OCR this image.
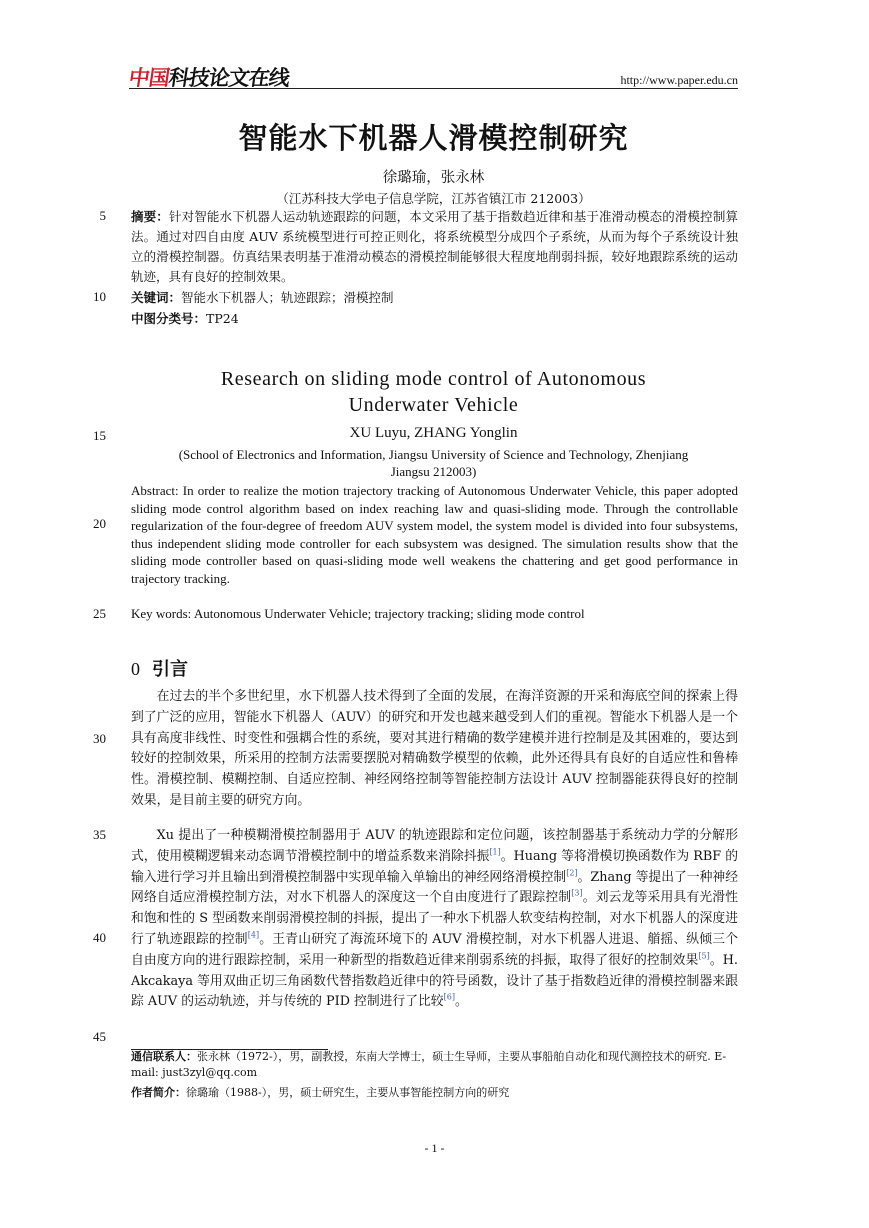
中国科技论文在线	http://www.paper.edu.cn
智能水下机器人滑模控制研究
徐璐瑜，张永林
（江苏科技大学电子信息学院，江苏省镇江市 212003）
5
10
15
20
25
30
35
40
45
摘要：针对智能水下机器人运动轨迹跟踪的问题，本文采用了基于指数趋近律和基于准滑动模态的滑模控制算法。通过对四自由度 AUV 系统模型进行可控正则化，将系统模型分成四个子系统，从而为每个子系统设计独立的滑模控制器。仿真结果表明基于准滑动模态的滑模控制能够很大程度地削弱抖振，较好地跟踪系统的运动轨迹，具有良好的控制效果。
关键词：智能水下机器人；轨迹跟踪；滑模控制
中图分类号：TP24
Research on sliding mode control of Autonomous
Underwater Vehicle
XU Luyu, ZHANG Yonglin
(School of Electronics and Information, Jiangsu University of Science and Technology, Zhenjiang
Jiangsu 212003)
Abstract: In order to realize the motion trajectory tracking of Autonomous Underwater Vehicle, this paper adopted sliding mode control algorithm based on index reaching law and quasi-sliding mode. Through the controllable regularization of the four-degree of freedom AUV system model, the system model is divided into four subsystems, thus independent sliding mode controller for each subsystem was designed. The simulation results show that the sliding mode controller based on quasi-sliding mode well weakens the chattering and get good performance in trajectory tracking.
Key words: Autonomous Underwater Vehicle; trajectory tracking; sliding mode control
0 引言
在过去的半个多世纪里，水下机器人技术得到了全面的发展，在海洋资源的开采和海底空间的探索上得到了广泛的应用，智能水下机器人（AUV）的研究和开发也越来越受到人们的重视。智能水下机器人是一个具有高度非线性、时变性和强耦合性的系统，要对其进行精确的数学建模并进行控制是及其困难的，要达到较好的控制效果，所采用的控制方法需要摆脱对精确数学模型的依赖，此外还得具有良好的自适应性和鲁棒性。滑模控制、模糊控制、自适应控制、神经网络控制等智能控制方法设计 AUV 控制器能获得良好的控制效果，是目前主要的研究方向。
Xu 提出了一种模糊滑模控制器用于 AUV 的轨迹跟踪和定位问题，该控制器基于系统动力学的分解形式，使用模糊逻辑来动态调节滑模控制中的增益系数来消除抖振[1]。Huang 等将滑模切换函数作为 RBF 的输入进行学习并且输出到滑模控制器中实现单输入单输出的神经网络滑模控制[2]。Zhang 等提出了一种神经网络自适应滑模控制方法，对水下机器人的深度这一个自由度进行了跟踪控制[3]。刘云龙等采用具有光滑性和饱和性的 S 型函数来削弱滑模控制的抖振，提出了一种水下机器人软变结构控制，对水下机器人的深度进行了轨迹跟踪的控制[4]。王青山研究了海流环境下的 AUV 滑模控制，对水下机器人进退、艏摇、纵倾三个自由度方向的进行跟踪控制，采用一种新型的指数趋近律来削弱系统的抖振，取得了很好的控制效果[5]。H. Akcakaya 等用双曲正切三角函数代替指数趋近律中的符号函数，设计了基于指数趋近律的滑模控制器来跟踪 AUV 的运动轨迹，并与传统的 PID 控制进行了比较[6]。
通信联系人：张永林（1972-），男，副教授，东南大学博士，硕士生导师，主要从事船舶自动化和现代测控技术的研究. E-mail: just3zyl@qq.com
作者简介：徐璐瑜（1988-），男，硕士研究生，主要从事智能控制方向的研究
- 1 -
